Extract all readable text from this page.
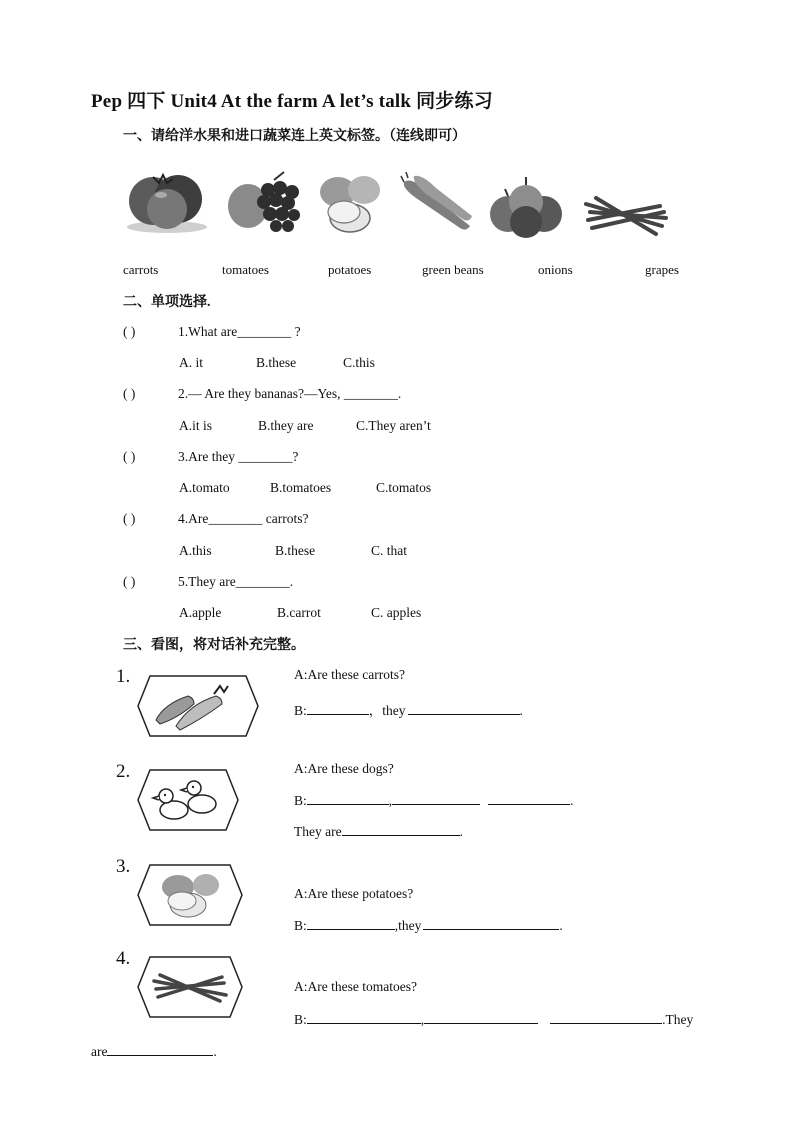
Pep 四下 Unit4 At the farm A let’s talk 同步练习
一、请给洋水果和进口蔬菜连上英文标签。（连线即可）
carrots	tomatoes	potatoes	green beans	onions	grapes
二、单项选择.
( )	1.What are________ ?
A. it	B.these	C.this
( )	2.— Are they bananas?—Yes, ________.
A.it is	B.they are	C.They aren’t
( )	3.Are they ________?
A.tomato	B.tomatoes	C.tomatos
( )	4.Are________ carrots?
A.this	B.these	C. that
( )	5.They are________.
A.apple	B.carrot	C. apples
三、看图，将对话补充完整。
1.	A:Are these carrots?
B:	，they	.
2.	A:Are these dogs?
B:	,	.
They are	.
3.
A:Are these potatoes?
B:	,they	.
4.
A:Are these tomatoes?
B:	,	.They
are	.
